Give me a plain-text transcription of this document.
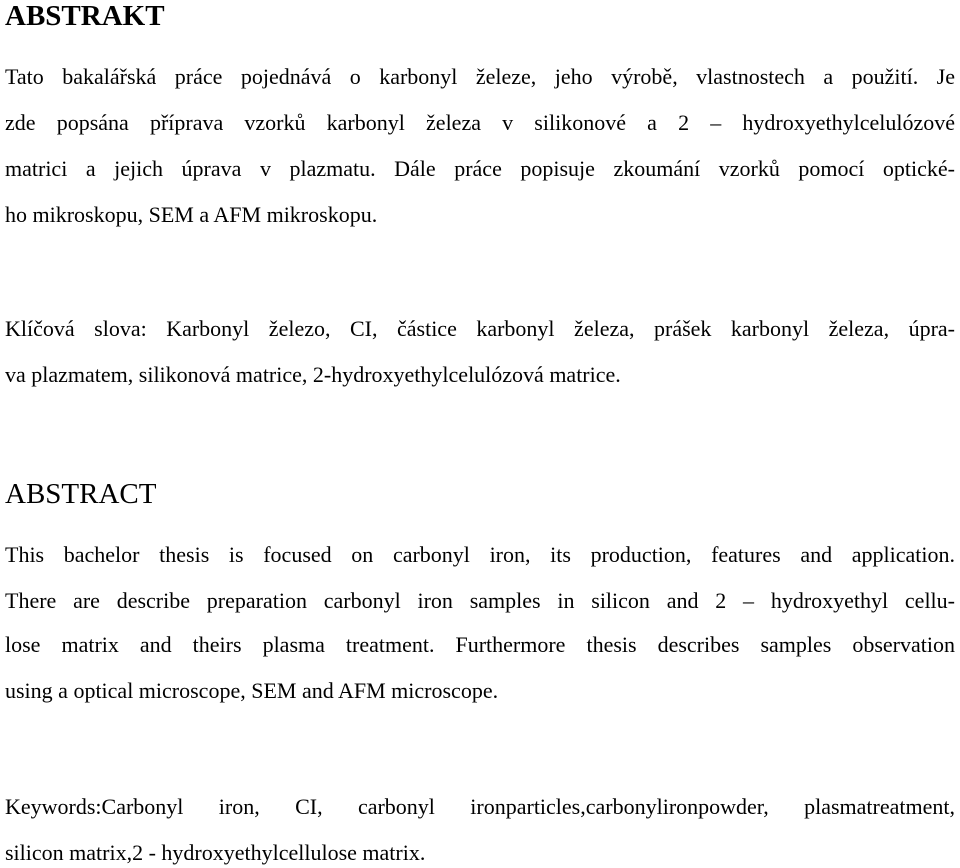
ABSTRAKT
Tato bakalářská práce pojednává o karbonyl železe, jeho výrobě, vlastnostech a použití. Je
zde popsána příprava vzorků karbonyl železa v silikonové a 2 – hydroxyethylcelulózové
matrici a jejich úprava v plazmatu. Dále práce popisuje zkoumání vzorků pomocí optické-
ho mikroskopu, SEM a AFM mikroskopu.
Klíčová slova: Karbonyl železo, CI, částice karbonyl železa, prášek karbonyl železa, úpra-
va plazmatem, silikonová matrice, 2-hydroxyethylcelulózová matrice.
ABSTRACT
This bachelor thesis is focused on carbonyl iron, its production, features and application.
There are describe preparation carbonyl iron samples in silicon and 2 – hydroxyethyl cellu-
lose matrix and theirs plasma treatment. Furthermore thesis describes samples observation
using a optical microscope, SEM and AFM microscope.
Keywords:Carbonyl iron, CI, carbonyl ironparticles,carbonylironpowder, plasmatreatment,
silicon matrix,2 - hydroxyethylcellulose matrix.
